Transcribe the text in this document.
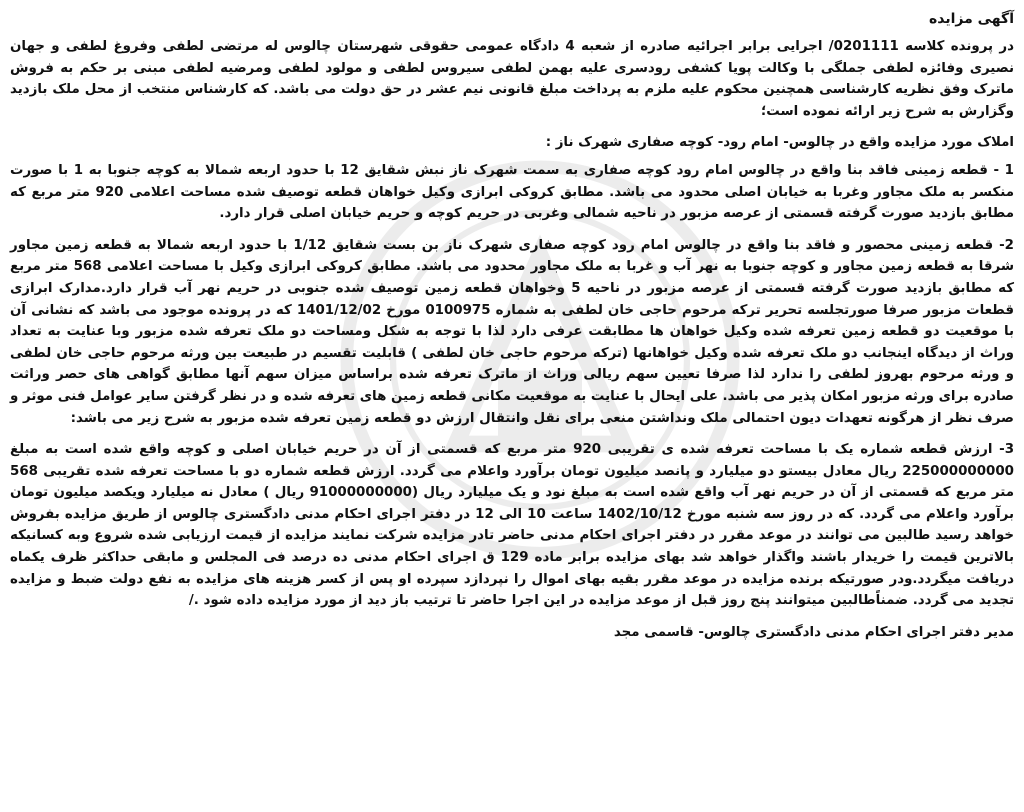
آگهی مزایده

در پرونده کلاسه 0201111/ اجرایی برابر اجرائیه صادره از شعبه 4 دادگاه عمومی حقوقی شهرستان چالوس له مرتضی لطفی وفروغ لطفی و جهان نصیری وفائزه لطفی جملگی با وکالت پویا کشفی رودسری علیه بهمن لطفی سیروس لطفی و مولود لطفی ومرضیه لطفی مبنی بر حکم به فروش ماترک وفق نظریه کارشناسی همچنین محکوم علیه ملزم به پرداخت مبلغ قانونی نیم عشر در حق دولت می باشد. که کارشناس منتخب از محل ملک بازدید وگزارش به شرح زیر ارائه نموده است؛

املاک مورد مزایده واقع در چالوس- امام رود- کوچه صفاری شهرک ناز :

1 - قطعه زمینی فاقد بنا واقع در چالوس امام رود کوچه صفاری به سمت شهرک ناز نبش شقایق 12 با حدود اربعه شمالا به کوچه جنوبا به 1 با صورت منکسر به ملک مجاور وغربا به خیابان اصلی محدود می باشد. مطابق کروکی ابرازی وکیل خواهان قطعه توصیف شده مساحت اعلامی 920 متر مربع که مطابق بازدید صورت گرفته قسمتی از عرصه مزبور در ناحیه شمالی وغربی در حریم کوچه و حریم خیابان اصلی قرار دارد.

2- قطعه زمینی محصور و فاقد بنا واقع در چالوس امام رود کوچه صفاری شهرک ناز بن بست شقایق 1/12 با حدود اربعه شمالا به قطعه زمین مجاور شرقا به قطعه زمین مجاور و کوچه جنوبا به نهر آب و غربا به ملک مجاور محدود می باشد. مطابق کروکی ابرازی وکیل با مساحت اعلامی 568 متر مربع که مطابق بازدید صورت گرفته قسمتی از عرصه مزبور در ناحیه 5 وخواهان قطعه زمین توصیف شده جنوبی در حریم نهر آب قرار دارد.مدارک ابرازی قطعات مزبور صرفا صورتجلسه تحریر ترکه مرحوم حاجی خان لطفی به شماره 0100975 مورخ 1401/12/02 که در پرونده موجود می باشد که نشانی آن با موقعیت دو قطعه زمین تعرفه شده وکیل خواهان ها مطابقت عرفی دارد لذا با توجه به شکل ومساحت دو ملک تعرفه شده مزبور وبا عنایت به تعداد وراث از دیدگاه اینجانب دو ملک تعرفه شده وکیل خواهانها (ترکه مرحوم حاجی خان لطفی ) قابلیت تقسیم در طبیعت بین ورثه مرحوم حاجی خان لطفی و ورثه مرحوم بهروز لطفی را ندارد لذا صرفا تعیین سهم ریالی وراث از ماترک تعرفه شده براساس میزان سهم آنها مطابق گواهی های حصر وراثت صادره برای ورثه مزبور امکان پذیر می باشد. علی ایحال با عنایت به موقعیت مکانی قطعه زمین های تعرفه شده و در نظر گرفتن سایر عوامل فنی موثر و صرف نظر از هرگونه تعهدات دیون احتمالی ملک ونداشتن منعی برای نقل وانتقال ارزش دو قطعه زمین تعرفه شده مزبور به شرح زیر می باشد:

3- ارزش قطعه شماره یک با مساحت تعرفه شده ی تقریبی 920 متر مربع که قسمتی از آن در حریم خیابان اصلی و کوچه واقع شده است به مبلغ 225000000000 ریال معادل بیستو دو میلیارد و پانصد میلیون تومان برآورد واعلام می گردد. ارزش قطعه شماره دو با مساحت تعرفه شده تقریبی 568 متر مربع که قسمتی از آن در حریم نهر آب واقع شده است به مبلغ نود و یک میلیارد ریال (91000000000 ریال ) معادل نه میلیارد ویکصد میلیون تومان برآورد واعلام می گردد. که در روز سه شنبه مورخ 1402/10/12 ساعت 10 الی 12 در دفتر اجرای احکام مدنی دادگستری چالوس از طریق مزایده بفروش خواهد رسید طالبین می توانند در موعد مقرر در دفتر اجرای احکام مدنی حاضر تادر مزایده شرکت نمایند مزایده از قیمت ارزیابی شده شروع وبه کسانیکه بالاترین قیمت را خریدار باشند واگذار خواهد شد بهای مزایده برابر ماده 129 ق اجرای احکام مدنی ده درصد فی المجلس و مابقی حداکثر ظرف یکماه دریافت میگردد.ودر صورتیکه برنده مزایده در موعد مقرر بقیه بهای اموال را نپردازد سپرده او پس از کسر هزینه های مزایده به نفع دولت ضبط و مزایده تجدید می گردد. ضمناًطالبین میتوانند پنج روز قبل از موعد مزایده در این اجرا حاضر تا ترتیب باز دید از مورد مزایده داده شود ./

مدیر دفتر اجرای احکام مدنی دادگستری چالوس- قاسمی مجد
